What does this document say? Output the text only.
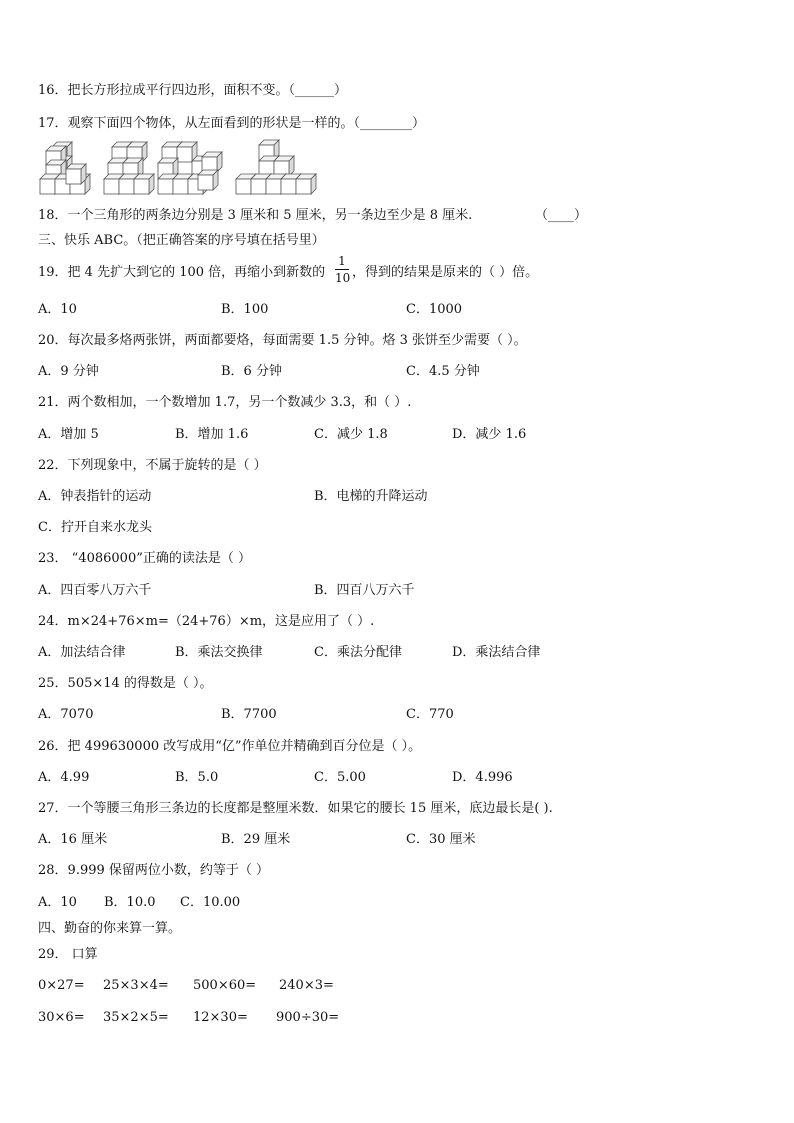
16．把长方形拉成平行四边形，面积不变。（______）
17．观察下面四个物体，从左面看到的形状是一样的。（________）
18．一个三角形的两条边分别是 3 厘米和 5 厘米，另一条边至少是 8 厘米.	（____）
三、快乐 ABC。（把正确答案的序号填在括号里）
19．把 4 先扩大到它的 100 倍，再缩小到新数的
1
10 ，得到的结果是原来的（ ）倍。
A．10	B．100	C．1000
20．每次最多烙两张饼，两面都要烙，每面需要 1.5 分钟。烙 3 张饼至少需要（ ）。
A．9 分钟	B．6 分钟	C．4.5 分钟
21．两个数相加，一个数增加 1.7，另一个数减少 3.3，和（ ）.
A．增加 5	B．增加 1.6	C．减少 1.8	D．减少 1.6
22．下列现象中，不属于旋转的是（ ）
A．钟表指针的运动	B．电梯的升降运动
C．拧开自来水龙头
23． “4086000”正确的读法是（ ）
A．四百零八万六千	B．四百八万六千
24．m×24+76×m=（24+76）×m，这是应用了（ ）.
A．加法结合律	B．乘法交换律	C．乘法分配律	D．乘法结合律
25．505×14 的得数是（ ）。
A．7070	B．7700	C．770
26．把 499630000 改写成用“亿”作单位并精确到百分位是（ ）。
A．4.99	B．5.0	C．5.00	D．4.996
27．一个等腰三角形三条边的长度都是整厘米数．如果它的腰长 15 厘米，底边最长是( ).
A．16 厘米	B．29 厘米	C．30 厘米
28．9.999 保留两位小数，约等于（ ）
A．10 B．10.0 C．10.00
四、勤奋的你来算一算。
29． 口算
0×27= 25×3×4= 500×60= 240×3=
30×6= 35×2×5= 12×30= 900÷30=
